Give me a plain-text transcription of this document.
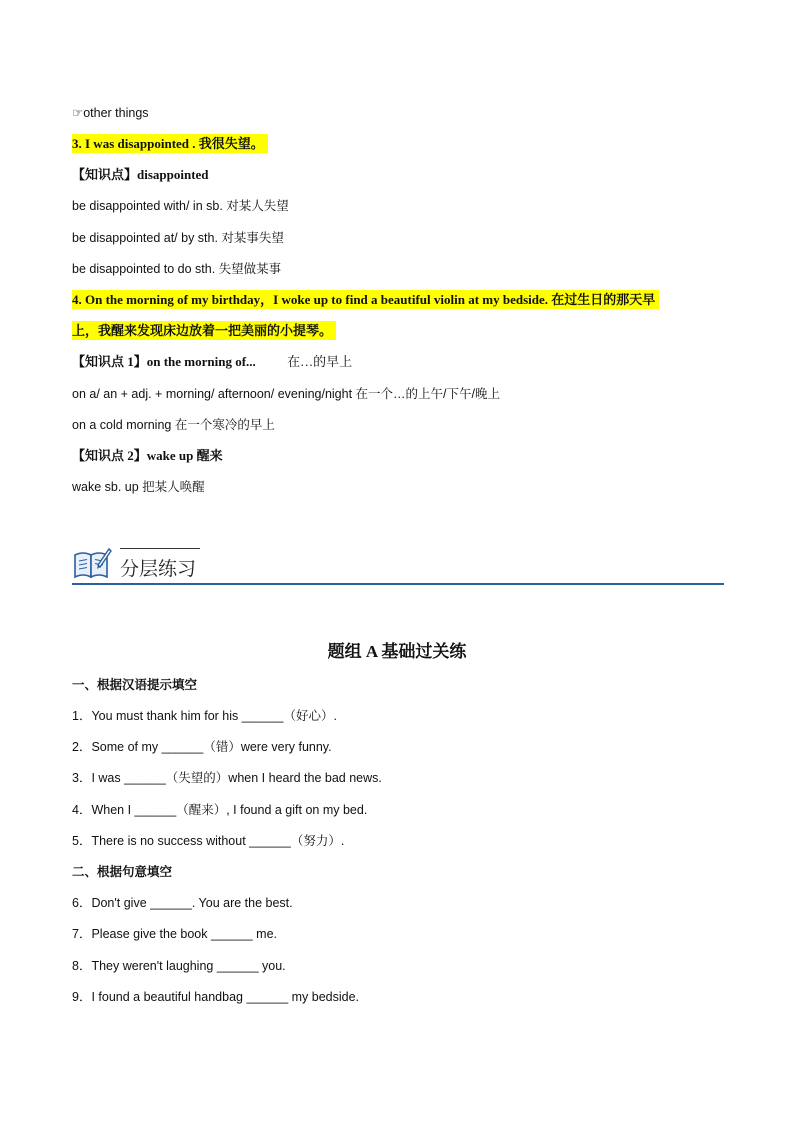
☞other things
3. I was disappointed . 我很失望。
【知识点】disappointed
be disappointed with/ in sb. 对某人失望
be disappointed at/ by sth. 对某事失望
be disappointed to do sth. 失望做某事
4. On the morning of my birthday，I woke up to find a beautiful violin at my bedside. 在过生日的那天早
上，我醒来发现床边放着一把美丽的小提琴。
【知识点 1】on the morning of... 在…的早上
on a/ an + adj. + morning/ afternoon/ evening/night 在一个…的上午/下午/晚上
on a cold morning 在一个寒冷的早上
【知识点 2】wake up 醒来
wake sb. up 把某人唤醒
分层练习
题组 A 基础过关练
一、根据汉语提示填空
1．You must thank him for his ______（好心）.
2．Some of my ______（错）were very funny.
3．I was ______（失望的）when I heard the bad news.
4．When I ______（醒来）, I found a gift on my bed.
5．There is no success without ______（努力）.
二、根据句意填空
6．Don't give ______. You are the best.
7．Please give the book ______ me.
8．They weren't laughing ______ you.
9．I found a beautiful handbag ______ my bedside.
